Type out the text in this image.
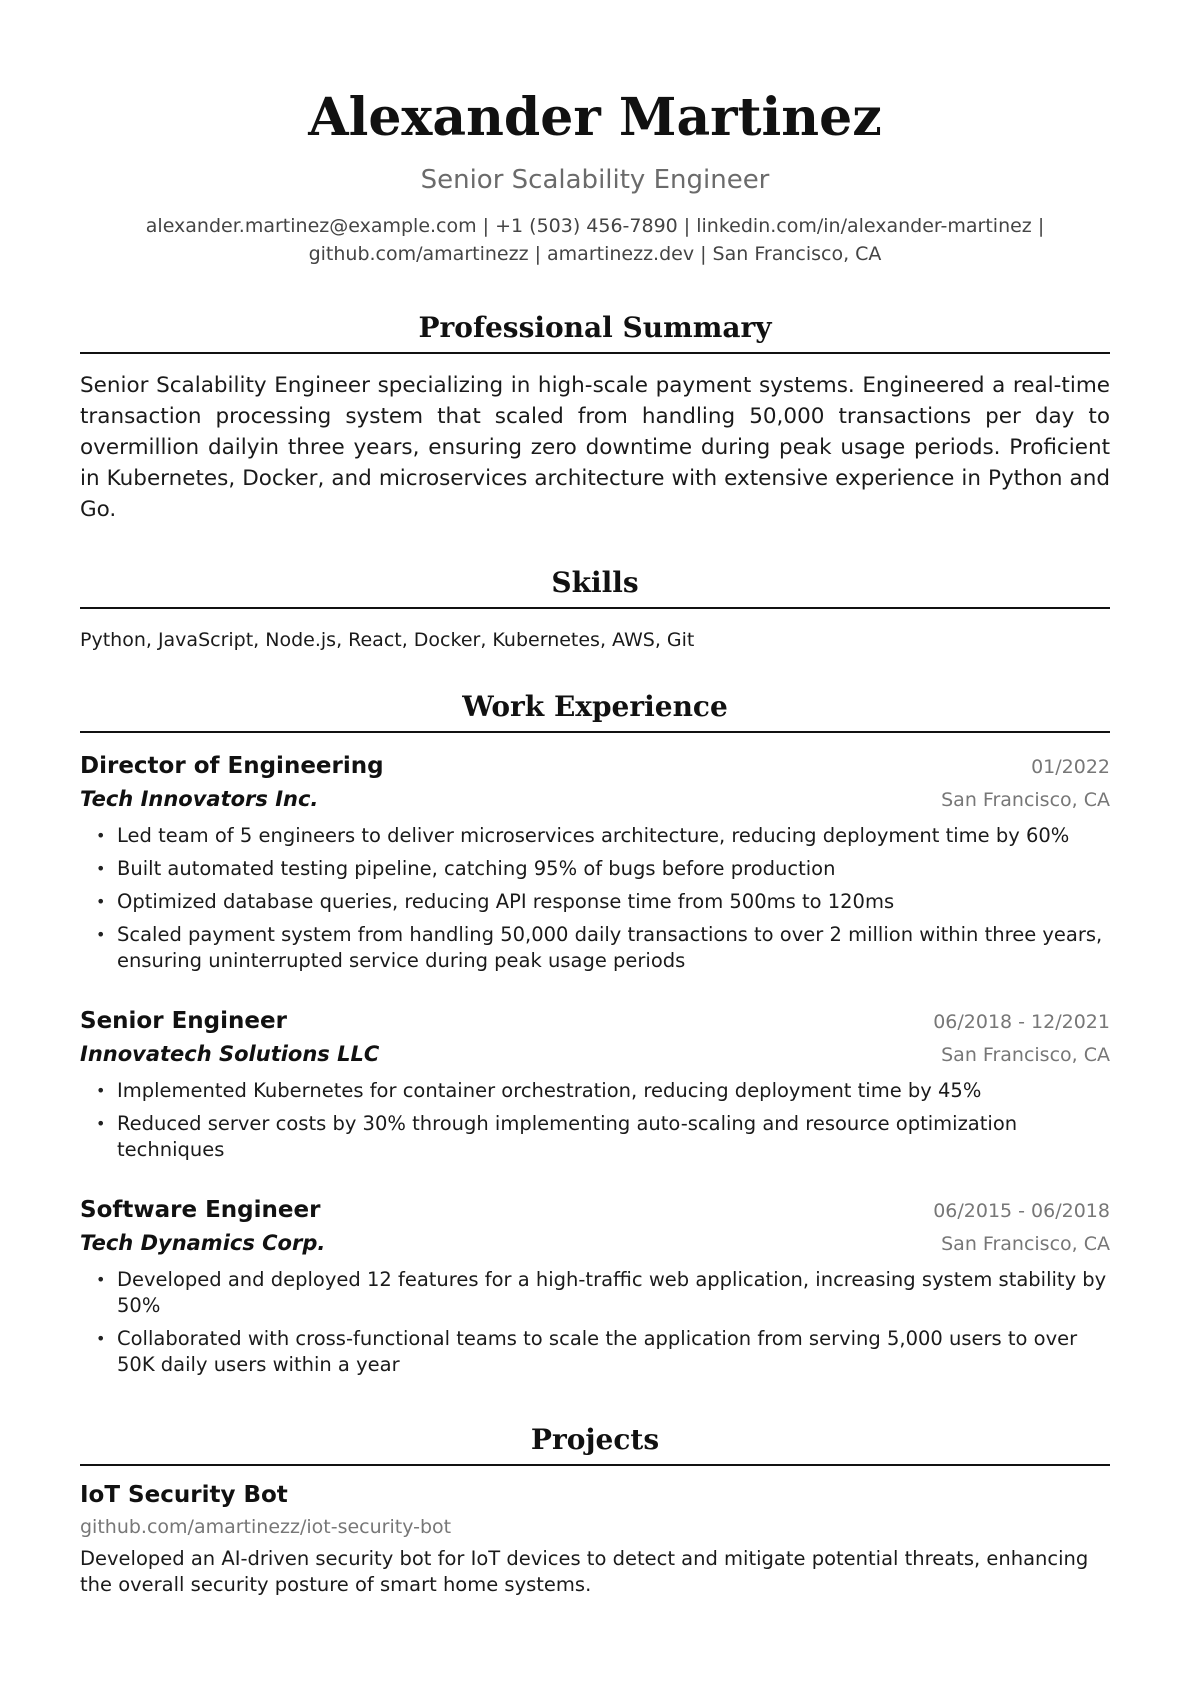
Alexander Martinez
Senior Scalability Engineer
alexander.martinez@example.com | +1 (503) 456-7890 | linkedin.com/in/alexander-martinez |
github.com/amartinezz | amartinezz.dev | San Francisco, CA
Professional Summary
Senior Scalability Engineer specializing in high-scale payment systems. Engineered a real-time transaction processing system that scaled from handling 50,000 transactions per day to overmillion dailyin three years, ensuring zero downtime during peak usage periods. Proficient in Kubernetes, Docker, and microservices architecture with extensive experience in Python and Go.
Skills
Python, JavaScript, Node.js, React, Docker, Kubernetes, AWS, Git
Work Experience
Director of Engineering	01/2022
Tech Innovators Inc.	San Francisco, CA
• Led team of 5 engineers to deliver microservices architecture, reducing deployment time by 60%
• Built automated testing pipeline, catching 95% of bugs before production
• Optimized database queries, reducing API response time from 500ms to 120ms
• Scaled payment system from handling 50,000 daily transactions to over 2 million within three years, ensuring uninterrupted service during peak usage periods
Senior Engineer	06/2018 - 12/2021
Innovatech Solutions LLC	San Francisco, CA
• Implemented Kubernetes for container orchestration, reducing deployment time by 45%
• Reduced server costs by 30% through implementing auto-scaling and resource optimization techniques
Software Engineer	06/2015 - 06/2018
Tech Dynamics Corp.	San Francisco, CA
• Developed and deployed 12 features for a high-traffic web application, increasing system stability by 50%
• Collaborated with cross-functional teams to scale the application from serving 5,000 users to over 50K daily users within a year
Projects
IoT Security Bot
github.com/amartinezz/iot-security-bot
Developed an AI-driven security bot for IoT devices to detect and mitigate potential threats, enhancing the overall security posture of smart home systems.
